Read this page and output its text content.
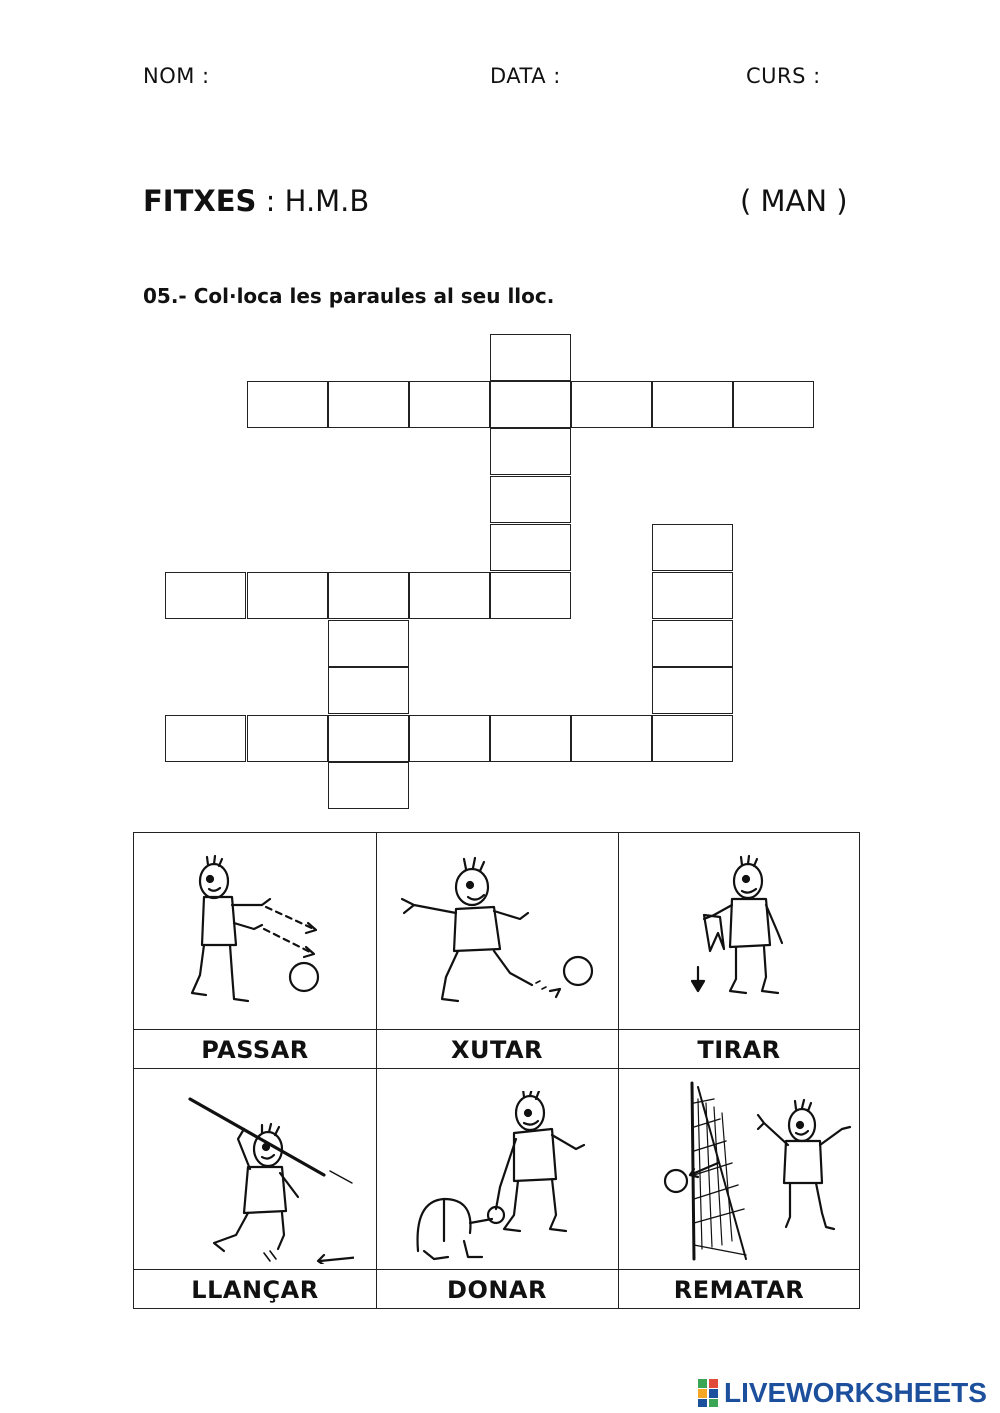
NOM :	DATA :	CURS :
FITXES : H.M.B	( MAN )
05.- Col·loca les paraules al seu lloc.
PASSAR	XUTAR	TIRAR
LLANÇAR	DONAR	REMATAR
LIVEWORKSHEETS
